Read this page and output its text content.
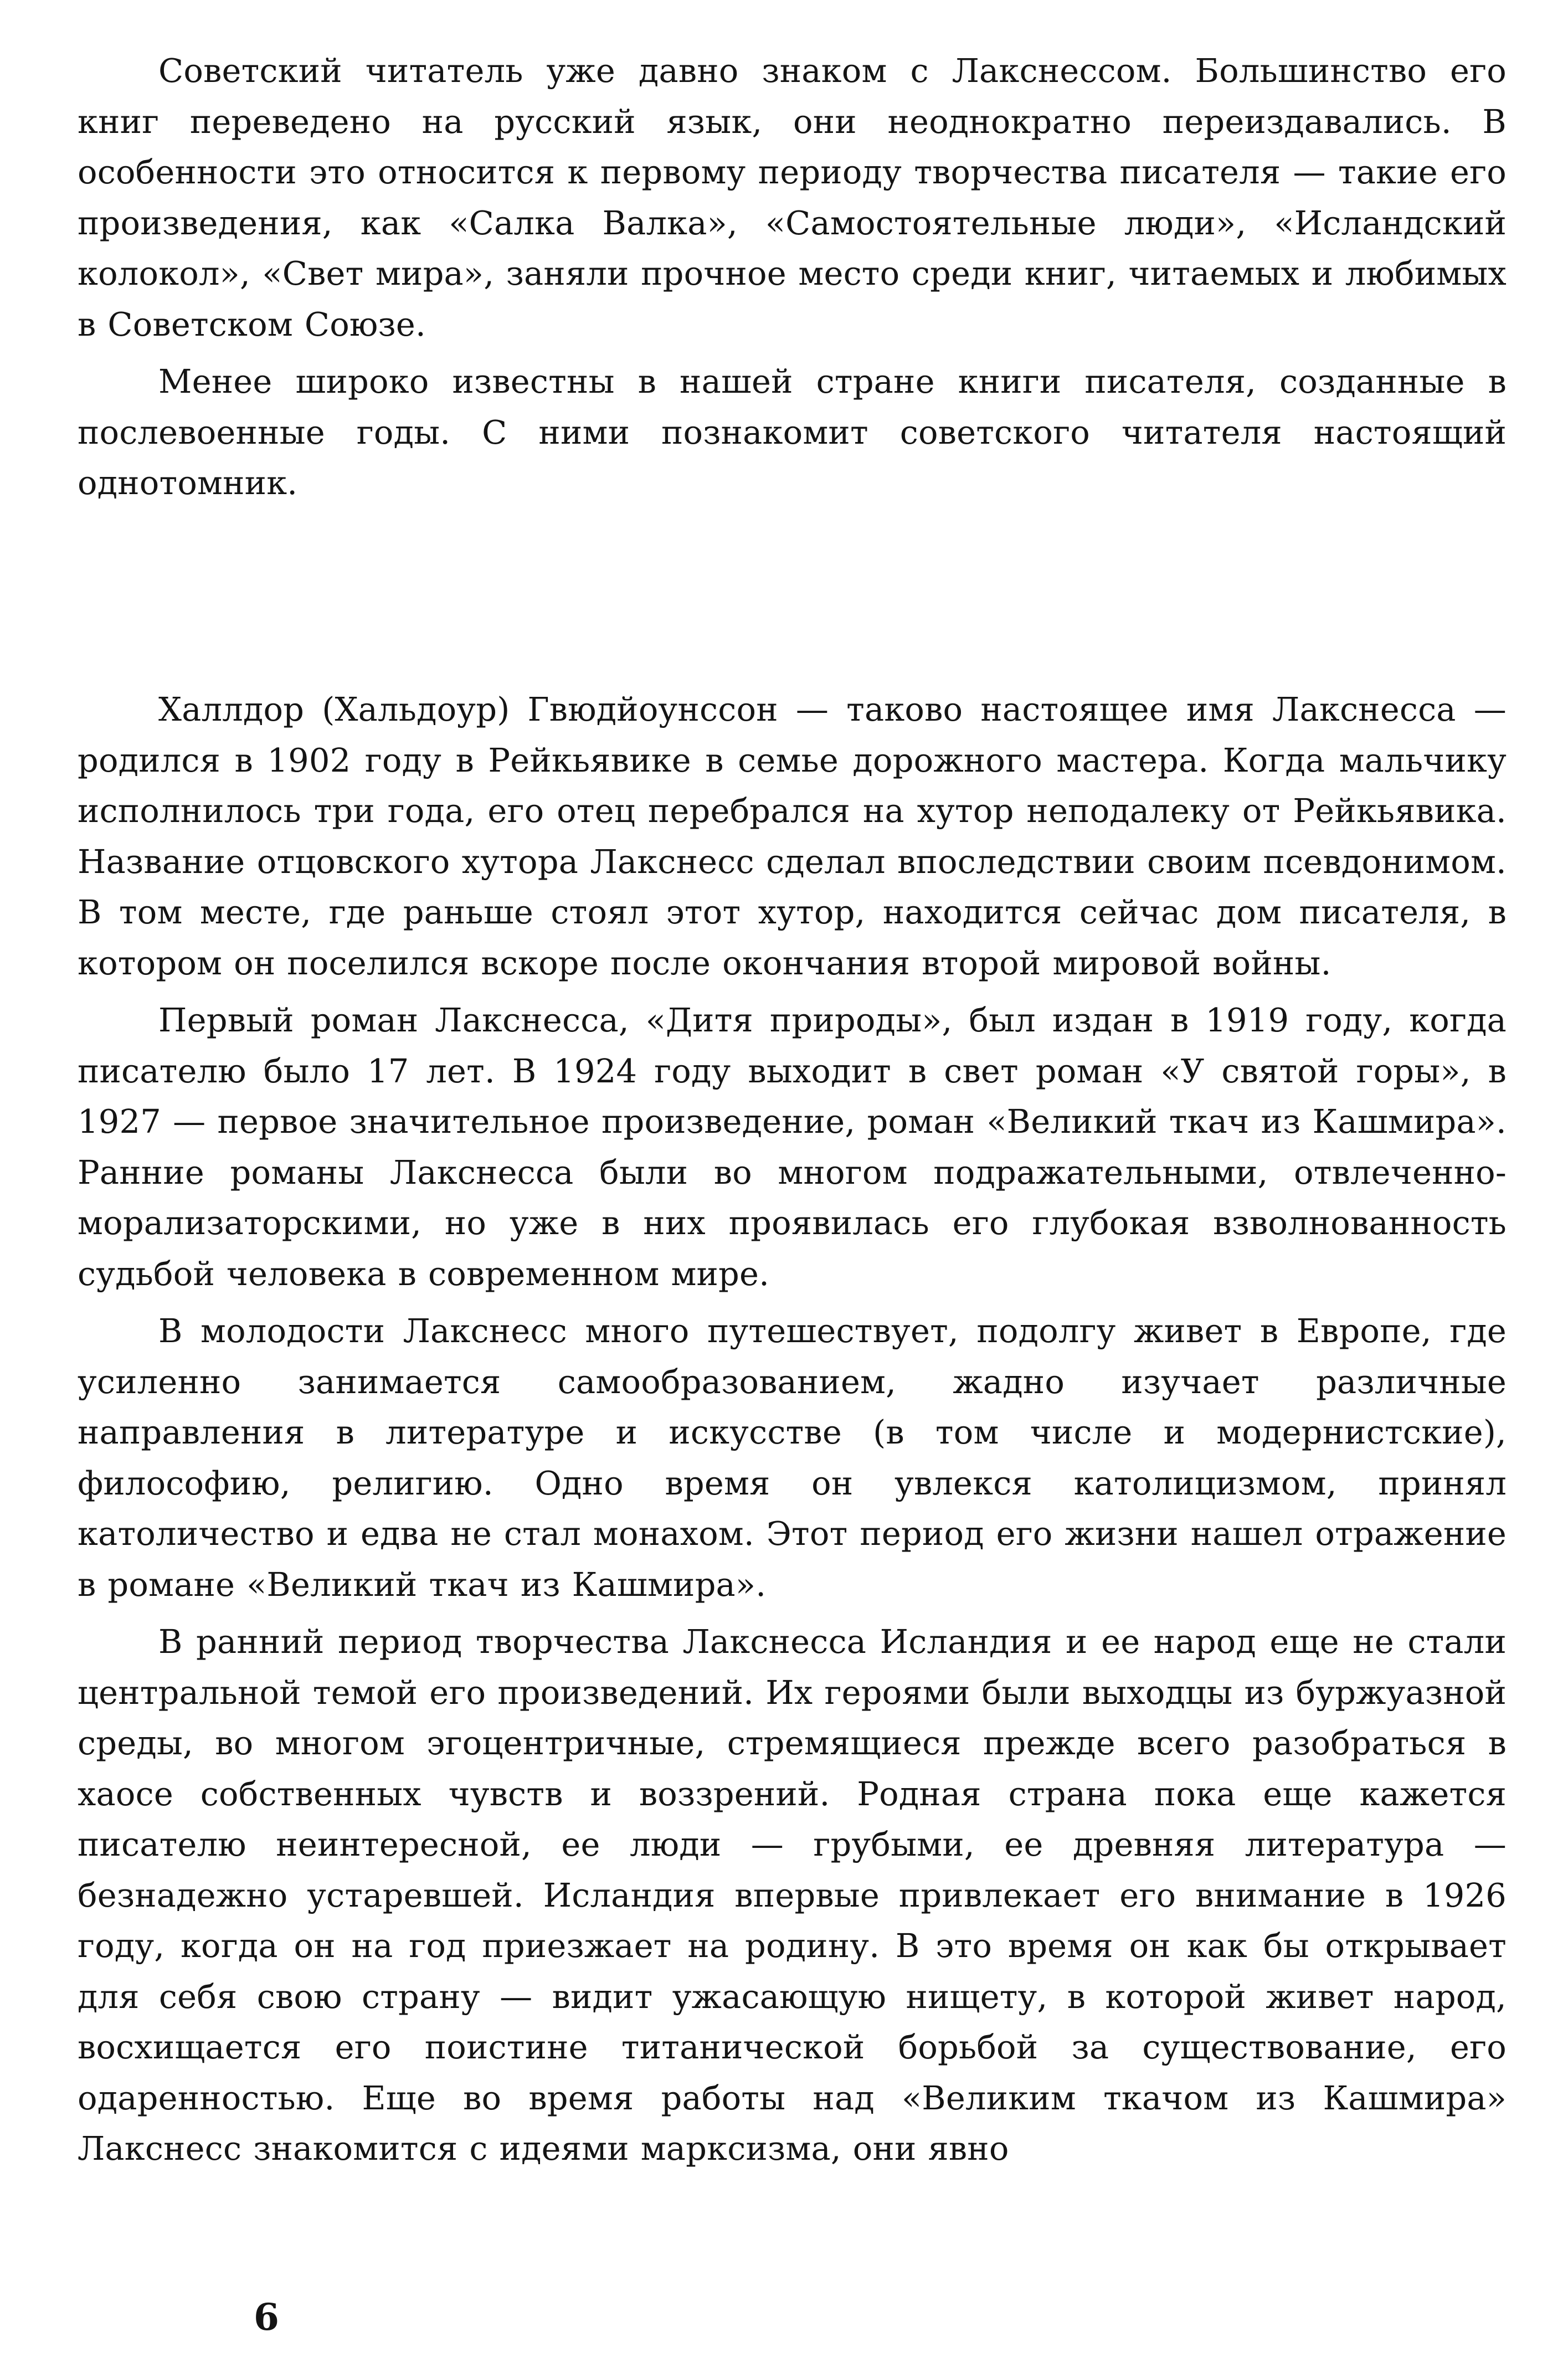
Советский читатель уже давно знаком с Лакснессом. Большинство его книг переведено на русский язык, они неоднократно переиздавались. В особенности это относится к первому периоду творчества писателя — такие его произведения, как «Салка Валка», «Самостоятельные люди», «Исландский колокол», «Свет мира», заняли прочное место среди книг, читаемых и любимых в Советском Союзе.

Менее широко известны в нашей стране книги писателя, созданные в послевоенные годы. С ними познакомит советского читателя настоящий однотомник.

Халлдор (Хальдоур) Гвюдйоунссон — таково настоящее имя Лакснесса — родился в 1902 году в Рейкьявике в семье дорожного мастера. Когда мальчику исполнилось три года, его отец перебрался на хутор неподалеку от Рейкьявика. Название отцовского хутора Лакснесс сделал впоследствии своим псевдонимом. В том месте, где раньше стоял этот хутор, находится сейчас дом писателя, в котором он поселился вскоре после окончания второй мировой войны.

Первый роман Лакснесса, «Дитя природы», был издан в 1919 году, когда писателю было 17 лет. В 1924 году выходит в свет роман «У святой горы», в 1927 — первое значительное произведение, роман «Великий ткач из Кашмира». Ранние романы Лакснесса были во многом подражательными, отвлеченно-морализаторскими, но уже в них проявилась его глубокая взволнованность судьбой человека в современном мире.

В молодости Лакснесс много путешествует, подолгу живет в Европе, где усиленно занимается самообразованием, жадно изучает различные направления в литературе и искусстве (в том числе и модернистские), философию, религию. Одно время он увлекся католицизмом, принял католичество и едва не стал монахом. Этот период его жизни нашел отражение в романе «Великий ткач из Кашмира».

В ранний период творчества Лакснесса Исландия и ее народ еще не стали центральной темой его произведений. Их героями были выходцы из буржуазной среды, во многом эгоцентричные, стремящиеся прежде всего разобраться в хаосе собственных чувств и воззрений. Родная страна пока еще кажется писателю неинтересной, ее люди — грубыми, ее древняя литература — безнадежно устаревшей. Исландия впервые привлекает его внимание в 1926 году, когда он на год приезжает на родину. В это время он как бы открывает для себя свою страну — видит ужасающую нищету, в которой живет народ, восхищается его поистине титанической борьбой за существование, его одаренностью. Еще во время работы над «Великим ткачом из Кашмира» Лакснесс знакомится с идеями марксизма, они явно

6
